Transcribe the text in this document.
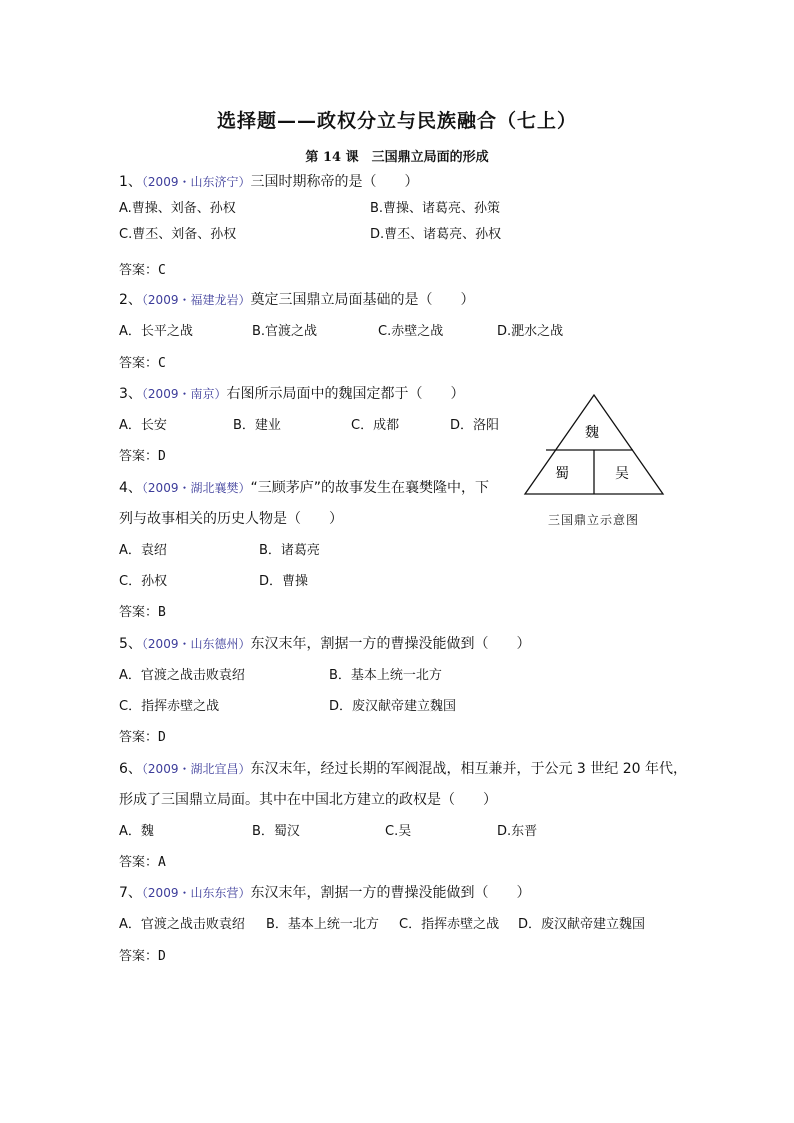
选择题——政权分立与民族融合（七上）
第 14 课　三国鼎立局面的形成
1、（2009・山东济宁）三国时期称帝的是（　　）
A.曹操、刘备、孙权	B.曹操、诸葛亮、孙策
C.曹丕、刘备、孙权	D.曹丕、诸葛亮、孙权
答案：C
2、（2009・福建龙岩）奠定三国鼎立局面基础的是（　　）
A．长平之战	B.官渡之战	C.赤壁之战	D.淝水之战
答案：C
3、（2009・南京）右图所示局面中的魏国定都于（　　）
A．长安	B．建业	C．成都	D．洛阳
答案：D
魏
蜀	吴
三国鼎立示意图
4、（2009・湖北襄樊）“三顾茅庐”的故事发生在襄樊隆中，下
列与故事相关的历史人物是（　　）
A．袁绍	B．诸葛亮
C．孙权	D．曹操
答案：B
5、（2009・山东德州）东汉末年，割据一方的曹操没能做到（　　）
A．官渡之战击败袁绍	B．基本上统一北方
C．指挥赤壁之战	D．废汉献帝建立魏国
答案：D
6、（2009・湖北宜昌）东汉末年，经过长期的军阀混战，相互兼并，于公元 3 世纪 20 年代，
形成了三国鼎立局面。其中在中国北方建立的政权是（　　）
A．魏	B．蜀汉	C.吴	D.东晋
答案：A
7、（2009・山东东营）东汉末年，割据一方的曹操没能做到（　　）
A．官渡之战击败袁绍 B．基本上统一北方 C．指挥赤壁之战 D．废汉献帝建立魏国
答案：D
